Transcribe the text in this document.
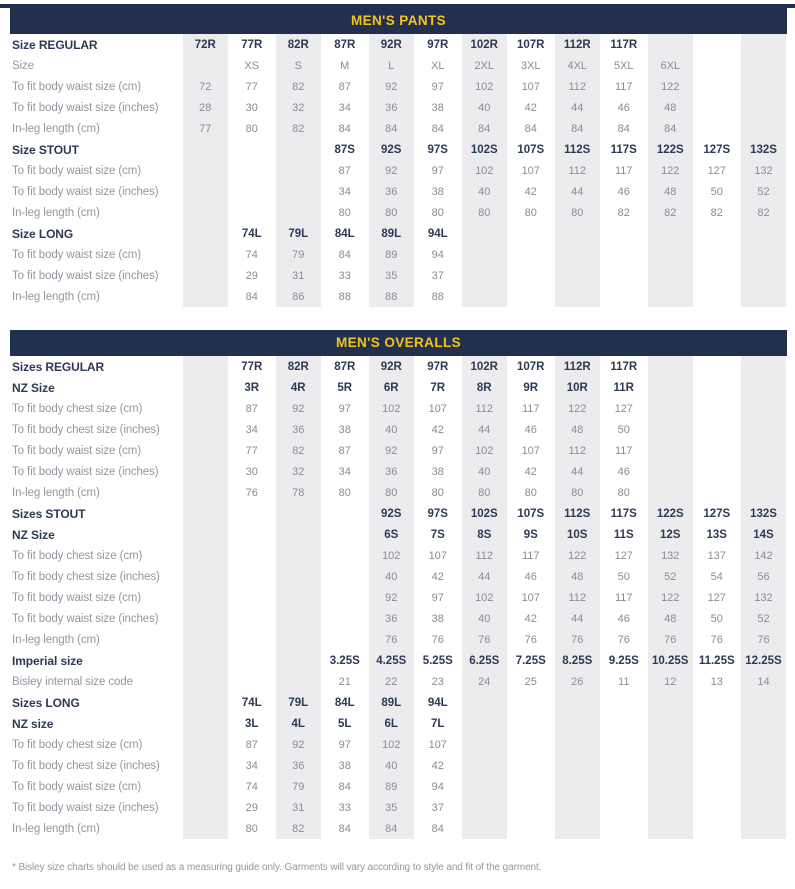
MEN'S PANTS
Size REGULAR	72R	77R	82R	87R	92R	97R	102R	107R	112R	117R			
Size		XS	S	M	L	XL	2XL	3XL	4XL	5XL	6XL		
To fit body waist size (cm)	72	77	82	87	92	97	102	107	112	117	122		
To fit body waist size (inches)	28	30	32	34	36	38	40	42	44	46	48		
In-leg length (cm)	77	80	82	84	84	84	84	84	84	84	84		
Size STOUT				87S	92S	97S	102S	107S	112S	117S	122S	127S	132S
To fit body waist size (cm)				87	92	97	102	107	112	117	122	127	132
To fit body waist size (inches)				34	36	38	40	42	44	46	48	50	52
In-leg length (cm)				80	80	80	80	80	80	82	82	82	82
Size LONG		74L	79L	84L	89L	94L							
To fit body waist size (cm)		74	79	84	89	94							
To fit body waist size (inches)		29	31	33	35	37							
In-leg length (cm)		84	86	88	88	88							
MEN'S OVERALLS
Sizes REGULAR		77R	82R	87R	92R	97R	102R	107R	112R	117R			
NZ Size		3R	4R	5R	6R	7R	8R	9R	10R	11R			
To fit body chest size (cm)		87	92	97	102	107	112	117	122	127			
To fit body chest size (inches)		34	36	38	40	42	44	46	48	50			
To fit body waist size (cm)		77	82	87	92	97	102	107	112	117			
To fit body waist size (inches)		30	32	34	36	38	40	42	44	46			
In-leg length (cm)		76	78	80	80	80	80	80	80	80			
Sizes STOUT					92S	97S	102S	107S	112S	117S	122S	127S	132S
NZ Size					6S	7S	8S	9S	10S	11S	12S	13S	14S
To fit body chest size (cm)					102	107	112	117	122	127	132	137	142
To fit body chest size (inches)					40	42	44	46	48	50	52	54	56
To fit body waist size (cm)					92	97	102	107	112	117	122	127	132
To fit body waist size (inches)					36	38	40	42	44	46	48	50	52
In-leg length (cm)					76	76	76	76	76	76	76	76	76
Imperial size				3.25S	4.25S	5.25S	6.25S	7.25S	8.25S	9.25S	10.25S	11.25S	12.25S
Bisley internal size code				21	22	23	24	25	26	11	12	13	14
Sizes LONG		74L	79L	84L	89L	94L							
NZ size		3L	4L	5L	6L	7L							
To fit body chest size (cm)		87	92	97	102	107							
To fit body chest size (inches)		34	36	38	40	42							
To fit body waist size (cm)		74	79	84	89	94							
To fit body waist size (inches)		29	31	33	35	37							
In-leg length (cm)		80	82	84	84	84							
* Bisley size charts should be used as a measuring guide only. Garments will vary according to style and fit of the garment.
